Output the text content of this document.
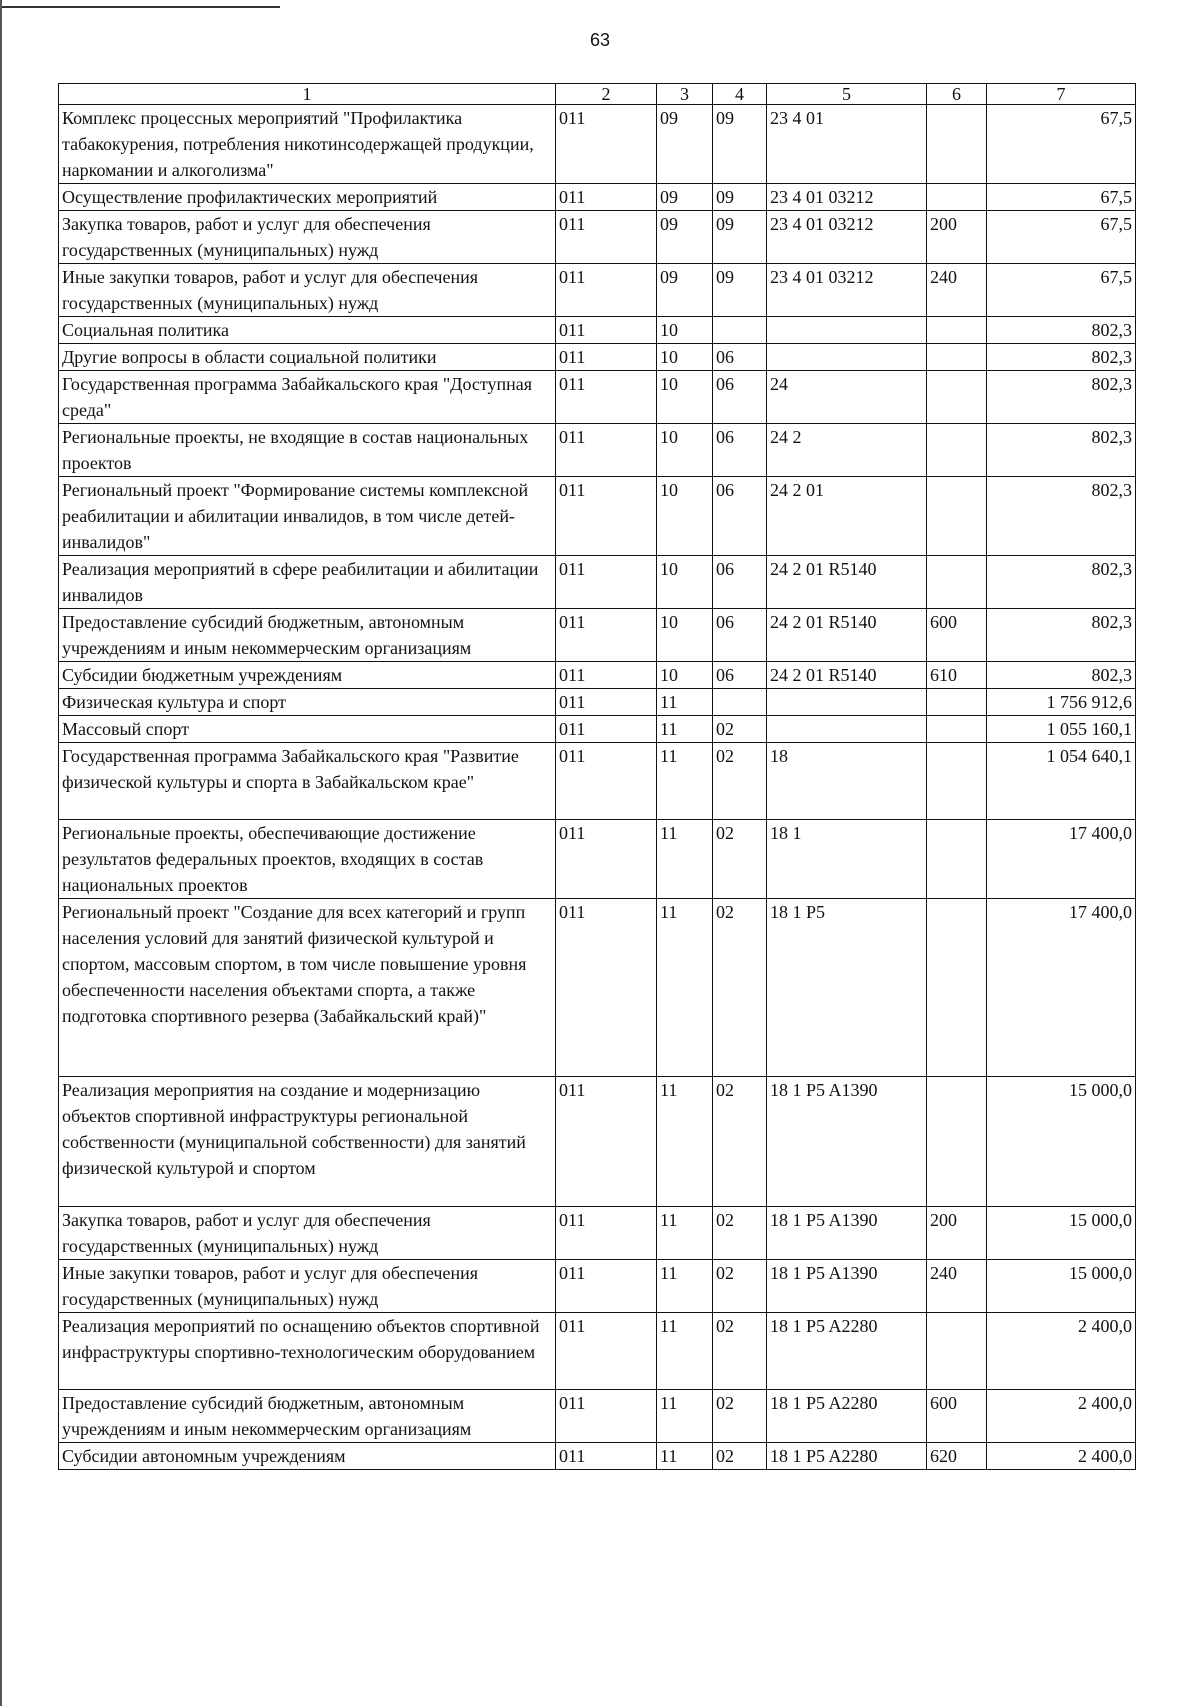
63
1	2	3	4	5	6	7
Комплекс процессных мероприятий "Профилактика табакокурения, потребления никотинсодержащей продукции, наркомании и алкоголизма"	011	09	09	23 4 01		67,5
Осуществление профилактических мероприятий	011	09	09	23 4 01 03212		67,5
Закупка товаров, работ и услуг для обеспечения государственных (муниципальных) нужд	011	09	09	23 4 01 03212	200	67,5
Иные закупки товаров, работ и услуг для обеспечения государственных (муниципальных) нужд	011	09	09	23 4 01 03212	240	67,5
Социальная политика	011	10				802,3
Другие вопросы в области социальной политики	011	10	06			802,3
Государственная программа Забайкальского края "Доступная среда"	011	10	06	24		802,3
Региональные проекты, не входящие в состав национальных проектов	011	10	06	24 2		802,3
Региональный проект "Формирование системы комплексной реабилитации и абилитации инвалидов, в том числе детей-инвалидов"	011	10	06	24 2 01		802,3
Реализация мероприятий в сфере реабилитации и абилитации инвалидов	011	10	06	24 2 01 R5140		802,3
Предоставление субсидий бюджетным, автономным учреждениям и иным некоммерческим организациям	011	10	06	24 2 01 R5140	600	802,3
Субсидии бюджетным учреждениям	011	10	06	24 2 01 R5140	610	802,3
Физическая культура и спорт	011	11				1 756 912,6
Массовый спорт	011	11	02			1 055 160,1
Государственная программа Забайкальского края "Развитие физической культуры и спорта в Забайкальском крае"	011	11	02	18		1 054 640,1
Региональные проекты, обеспечивающие достижение результатов федеральных проектов, входящих в состав национальных проектов	011	11	02	18 1		17 400,0
Региональный проект "Создание для всех категорий и групп населения условий для занятий физической культурой и спортом, массовым спортом, в том числе повышение уровня обеспеченности населения объектами спорта, а также подготовка спортивного резерва (Забайкальский край)"	011	11	02	18 1 P5		17 400,0
Реализация мероприятия на создание и модернизацию объектов спортивной инфраструктуры региональной собственности (муниципальной собственности) для занятий физической культурой и спортом	011	11	02	18 1 P5 A1390		15 000,0
Закупка товаров, работ и услуг для обеспечения государственных (муниципальных) нужд	011	11	02	18 1 P5 A1390	200	15 000,0
Иные закупки товаров, работ и услуг для обеспечения государственных (муниципальных) нужд	011	11	02	18 1 P5 A1390	240	15 000,0
Реализация мероприятий по оснащению объектов спортивной инфраструктуры спортивно-технологическим оборудованием	011	11	02	18 1 P5 A2280		2 400,0
Предоставление субсидий бюджетным, автономным учреждениям и иным некоммерческим организациям	011	11	02	18 1 P5 A2280	600	2 400,0
Субсидии автономным учреждениям	011	11	02	18 1 P5 A2280	620	2 400,0
